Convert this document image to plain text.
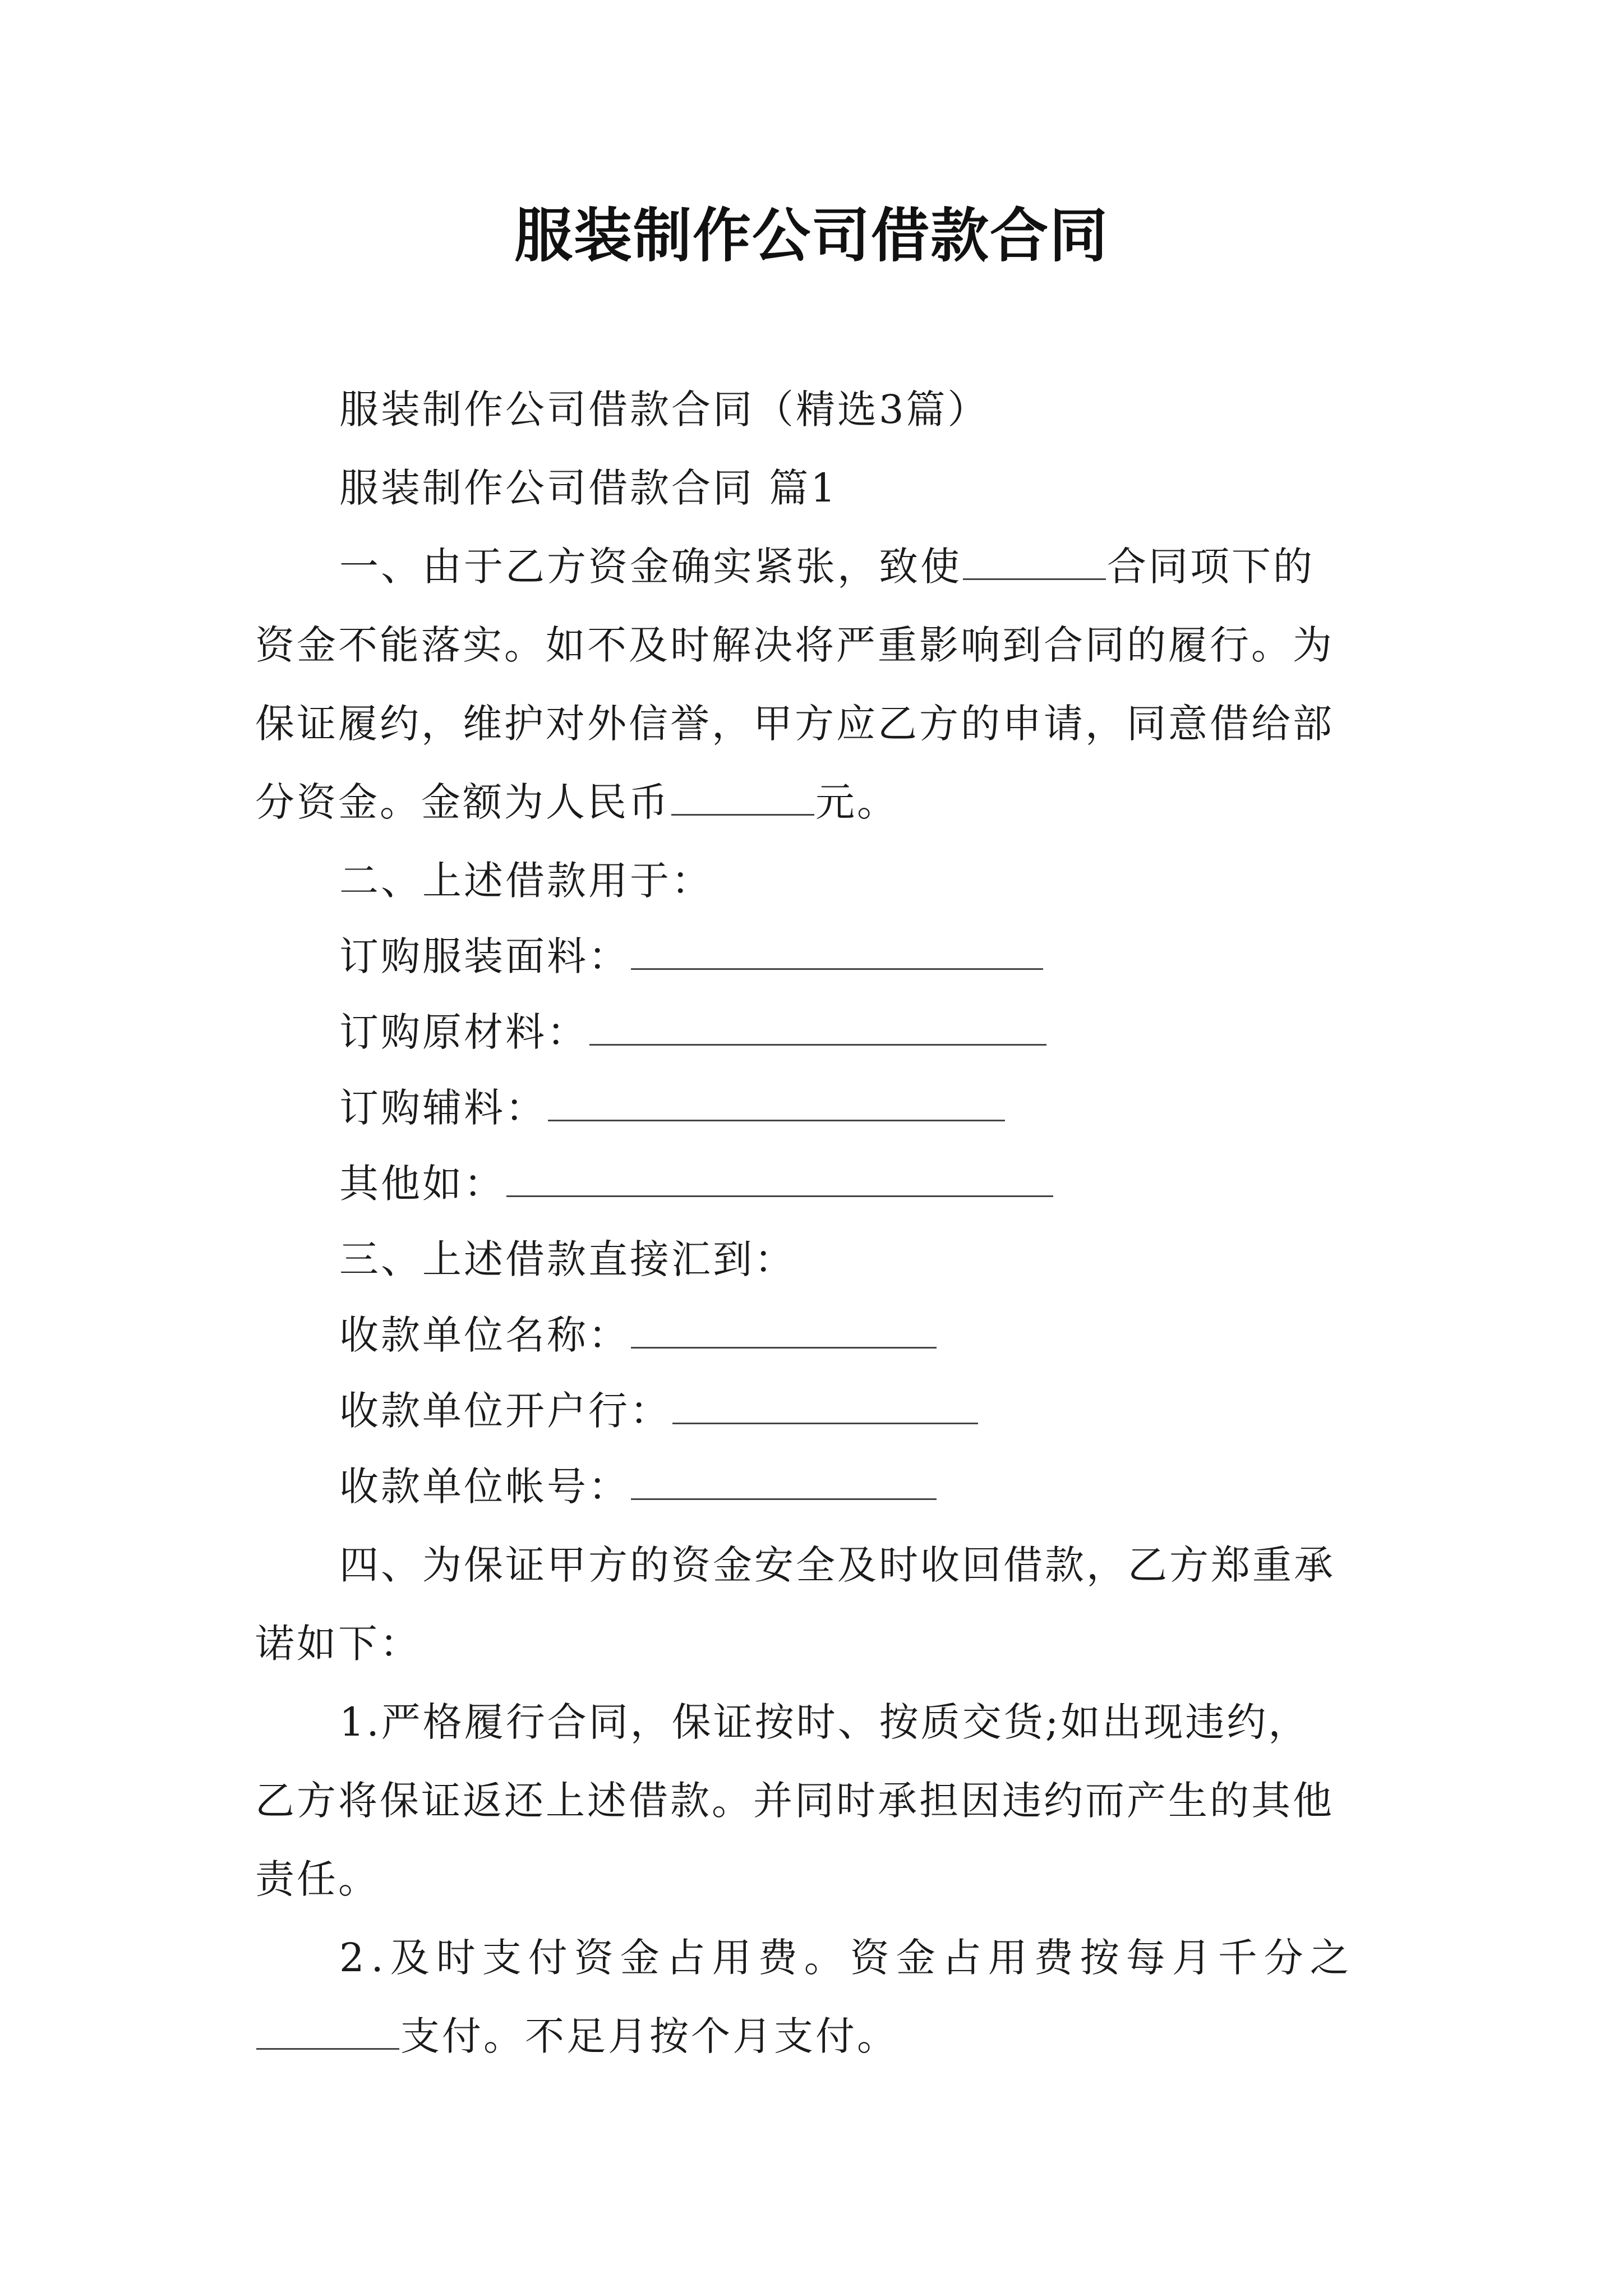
服装制作公司借款合同
服装制作公司借款合同（精选3篇）
服装制作公司借款合同 篇1
一、由于乙方资金确实紧张，致使	合同项下的
资金不能落实。如不及时解决将严重影响到合同的履行。为
保证履约，维护对外信誉，甲方应乙方的申请，同意借给部
分资金。金额为人民币	元。
二、上述借款用于：
订购服装面料：
订购原材料：
订购辅料：
其他如：
三、上述借款直接汇到：
收款单位名称：
收款单位开户行：
收款单位帐号：
四、为保证甲方的资金安全及时收回借款，乙方郑重承
诺如下：
1.严格履行合同，保证按时、按质交货;如出现违约，
乙方将保证返还上述借款。并同时承担因违约而产生的其他
责任。
2.及时支付资金占用费。资金占用费按每月千分之
支付。不足月按个月支付。
